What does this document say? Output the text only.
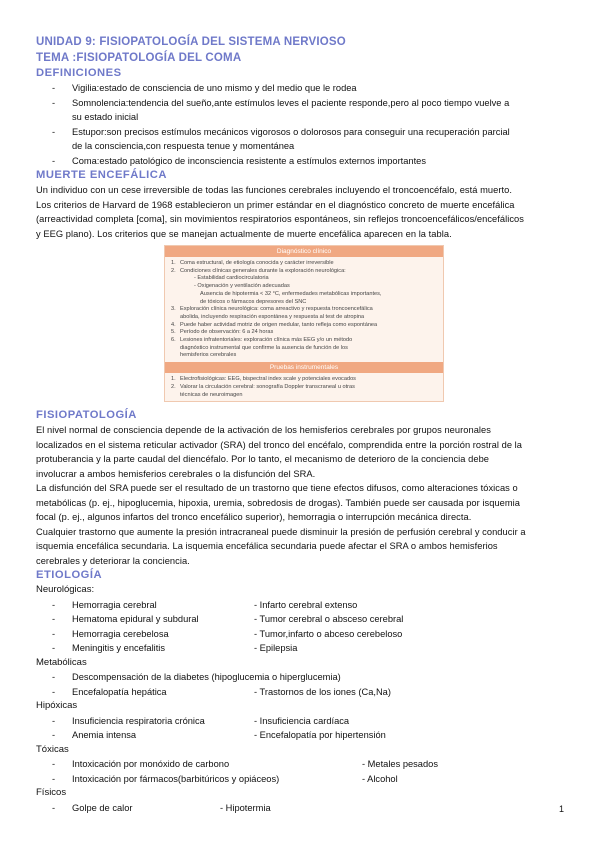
UNIDAD 9: FISIOPATOLOGÍA DEL SISTEMA NERVIOSO
TEMA :FISIOPATOLOGÍA DEL COMA
DEFINICIONES
-	Vigilia:estado de consciencia de uno mismo y del medio que le rodea
-	Somnolencia:tendencia del sueño,ante estímulos leves el paciente responde,pero al poco tiempo vuelve a
su estado inicial
-	Estupor:son precisos estímulos mecánicos vigorosos o dolorosos para conseguir una recuperación parcial
de la consciencia,con respuesta tenue y momentánea
-	Coma:estado patológico de inconsciencia resistente a estímulos externos importantes
MUERTE ENCEFÁLICA
Un individuo con un cese irreversible de todas las funciones cerebrales incluyendo el troncoencéfalo, está muerto.
Los criterios de Harvard de 1968 establecieron un primer estándar en el diagnóstico concreto de muerte encefálica
(arreactividad completa [coma], sin movimientos respiratorios espontáneos, sin reflejos troncoencefálicos/encefálicos
y EEG plano). Los criterios que se manejan actualmente de muerte encefálica aparecen en la tabla.
Diagnóstico clínico
1. Coma estructural, de etiología conocida y carácter irreversible
2. Condiciones clínicas generales durante la exploración neurológica:
- Estabilidad cardiocirculatoria
- Oxigenación y ventilación adecuadas
Ausencia de hipotermia < 32 °C, enfermedades metabólicas importantes,
de tóxicos o fármacos depresores del SNC
3. Exploración clínica neurológica: coma arreactivo y respuesta troncoencefálica
abolida, incluyendo respiración espontánea y respuesta al test de atropina
4. Puede haber actividad motriz de origen medular, tanto refleja como espontánea
5. Período de observación: 6 a 24 horas
6. Lesiones infratentoriales: exploración clínica más EEG y/o un método
diagnóstico instrumental que confirme la ausencia de función de los
hemisferios cerebrales
Pruebas instrumentales
1. Electrofisiológicas: EEG, bispectral index scale y potenciales evocados
2. Valorar la circulación cerebral: sonografía Doppler transcraneal u otras
técnicas de neuroimagen
FISIOPATOLOGÍA
El nivel normal de consciencia depende de la activación de los hemisferios cerebrales por grupos neuronales
localizados en el sistema reticular activador (SRA) del tronco del encéfalo, comprendida entre la porción rostral de la
protuberancia y la parte caudal del diencéfalo. Por lo tanto, el mecanismo de deterioro de la conciencia debe
involucrar a ambos hemisferios cerebrales o la disfunción del SRA.
La disfunción del SRA puede ser el resultado de un trastorno que tiene efectos difusos, como alteraciones tóxicas o
metabólicas (p. ej., hipoglucemia, hipoxia, uremia, sobredosis de drogas). También puede ser causada por isquemia
focal (p. ej., algunos infartos del tronco encefálico superior), hemorragia o interrupción mecánica directa.
Cualquier trastorno que aumente la presión intracraneal puede disminuir la presión de perfusión cerebral y conducir a
isquemia encefálica secundaria. La isquemia encefálica secundaria puede afectar el SRA o ambos hemisferios
cerebrales y deteriorar la conciencia.
ETIOLOGÍA
Neurológicas:
-	Hemorragia cerebral	- Infarto cerebral extenso
-	Hematoma epidural y subdural	- Tumor cerebral o absceso cerebral
-	Hemorragia cerebelosa	- Tumor,infarto o abceso cerebeloso
-	Meningitis y encefalitis	- Epilepsia
Metabólicas
-	Descompensación de la diabetes (hipoglucemia o hiperglucemia)
-	Encefalopatía hepática	- Trastornos de los iones (Ca,Na)
Hipóxicas
-	Insuficiencia respiratoria crónica	- Insuficiencia cardíaca
-	Anemia intensa	- Encefalopatía por hipertensión
Tóxicas
-	Intoxicación por monóxido de carbono	- Metales pesados
-	Intoxicación por fármacos(barbitúricos y opiáceos)	- Alcohol
Físicos
-	Golpe de calor	- Hipotermia	1
